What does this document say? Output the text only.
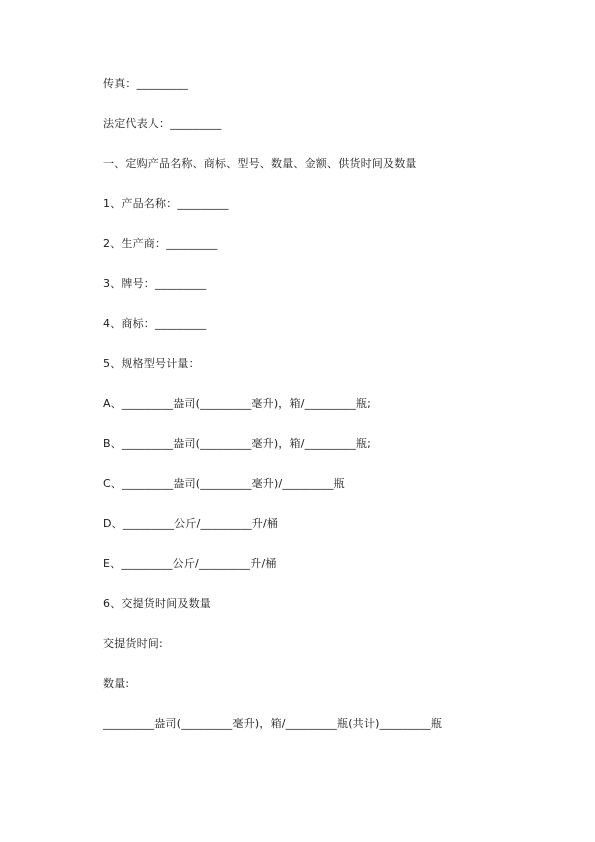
传真：_________
法定代表人：_________
一、定购产品名称、商标、型号、数量、金额、供货时间及数量
1、产品名称：_________
2、生产商：_________
3、牌号：_________
4、商标：_________
5、规格型号计量：
A、_________盎司(_________毫升)，箱/_________瓶;
B、_________盎司(_________毫升)，箱/_________瓶;
C、_________盎司(_________毫升)/_________瓶
D、_________公斤/_________升/桶
E、_________公斤/_________升/桶
6、交提货时间及数量
交提货时间:
数量:
_________盎司(_________毫升)，箱/_________瓶(共计)_________瓶
